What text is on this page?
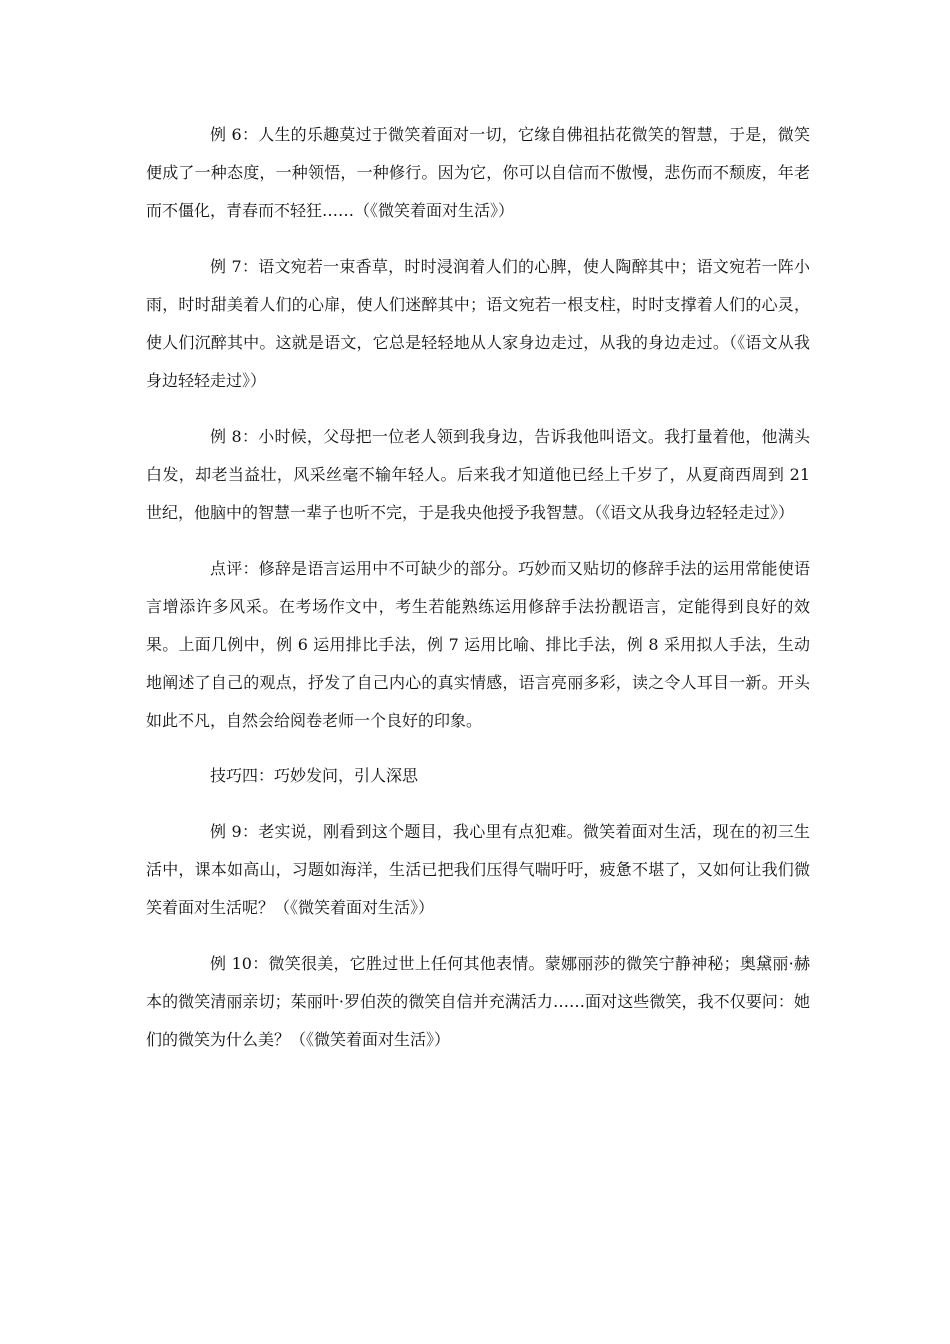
例 6：人生的乐趣莫过于微笑着面对一切，它缘自佛祖拈花微笑的智慧，于是，微笑便成了一种态度，一种领悟，一种修行。因为它，你可以自信而不傲慢，悲伤而不颓废，年老而不僵化，青春而不轻狂……（《微笑着面对生活》）

例 7：语文宛若一束香草，时时浸润着人们的心脾，使人陶醉其中；语文宛若一阵小雨，时时甜美着人们的心扉，使人们迷醉其中；语文宛若一根支柱，时时支撑着人们的心灵，使人们沉醉其中。这就是语文，它总是轻轻地从人家身边走过，从我的身边走过。（《语文从我身边轻轻走过》）

例 8：小时候，父母把一位老人领到我身边，告诉我他叫语文。我打量着他，他满头白发，却老当益壮，风采丝毫不输年轻人。后来我才知道他已经上千岁了，从夏商西周到 21 世纪，他脑中的智慧一辈子也听不完，于是我央他授予我智慧。（《语文从我身边轻轻走过》）

点评：修辞是语言运用中不可缺少的部分。巧妙而又贴切的修辞手法的运用常能使语言增添许多风采。在考场作文中，考生若能熟练运用修辞手法扮靓语言，定能得到良好的效果。上面几例中，例 6 运用排比手法，例 7 运用比喻、排比手法，例 8 采用拟人手法，生动地阐述了自己的观点，抒发了自己内心的真实情感，语言亮丽多彩，读之令人耳目一新。开头如此不凡，自然会给阅卷老师一个良好的印象。

技巧四：巧妙发问，引人深思

例 9：老实说，刚看到这个题目，我心里有点犯难。微笑着面对生活，现在的初三生活中，课本如高山，习题如海洋，生活已把我们压得气喘吁吁，疲惫不堪了，又如何让我们微笑着面对生活呢？（《微笑着面对生活》）

例 10：微笑很美，它胜过世上任何其他表情。蒙娜丽莎的微笑宁静神秘；奥黛丽·赫本的微笑清丽亲切；茱丽叶·罗伯茨的微笑自信并充满活力……面对这些微笑，我不仅要问：她们的微笑为什么美？（《微笑着面对生活》）
